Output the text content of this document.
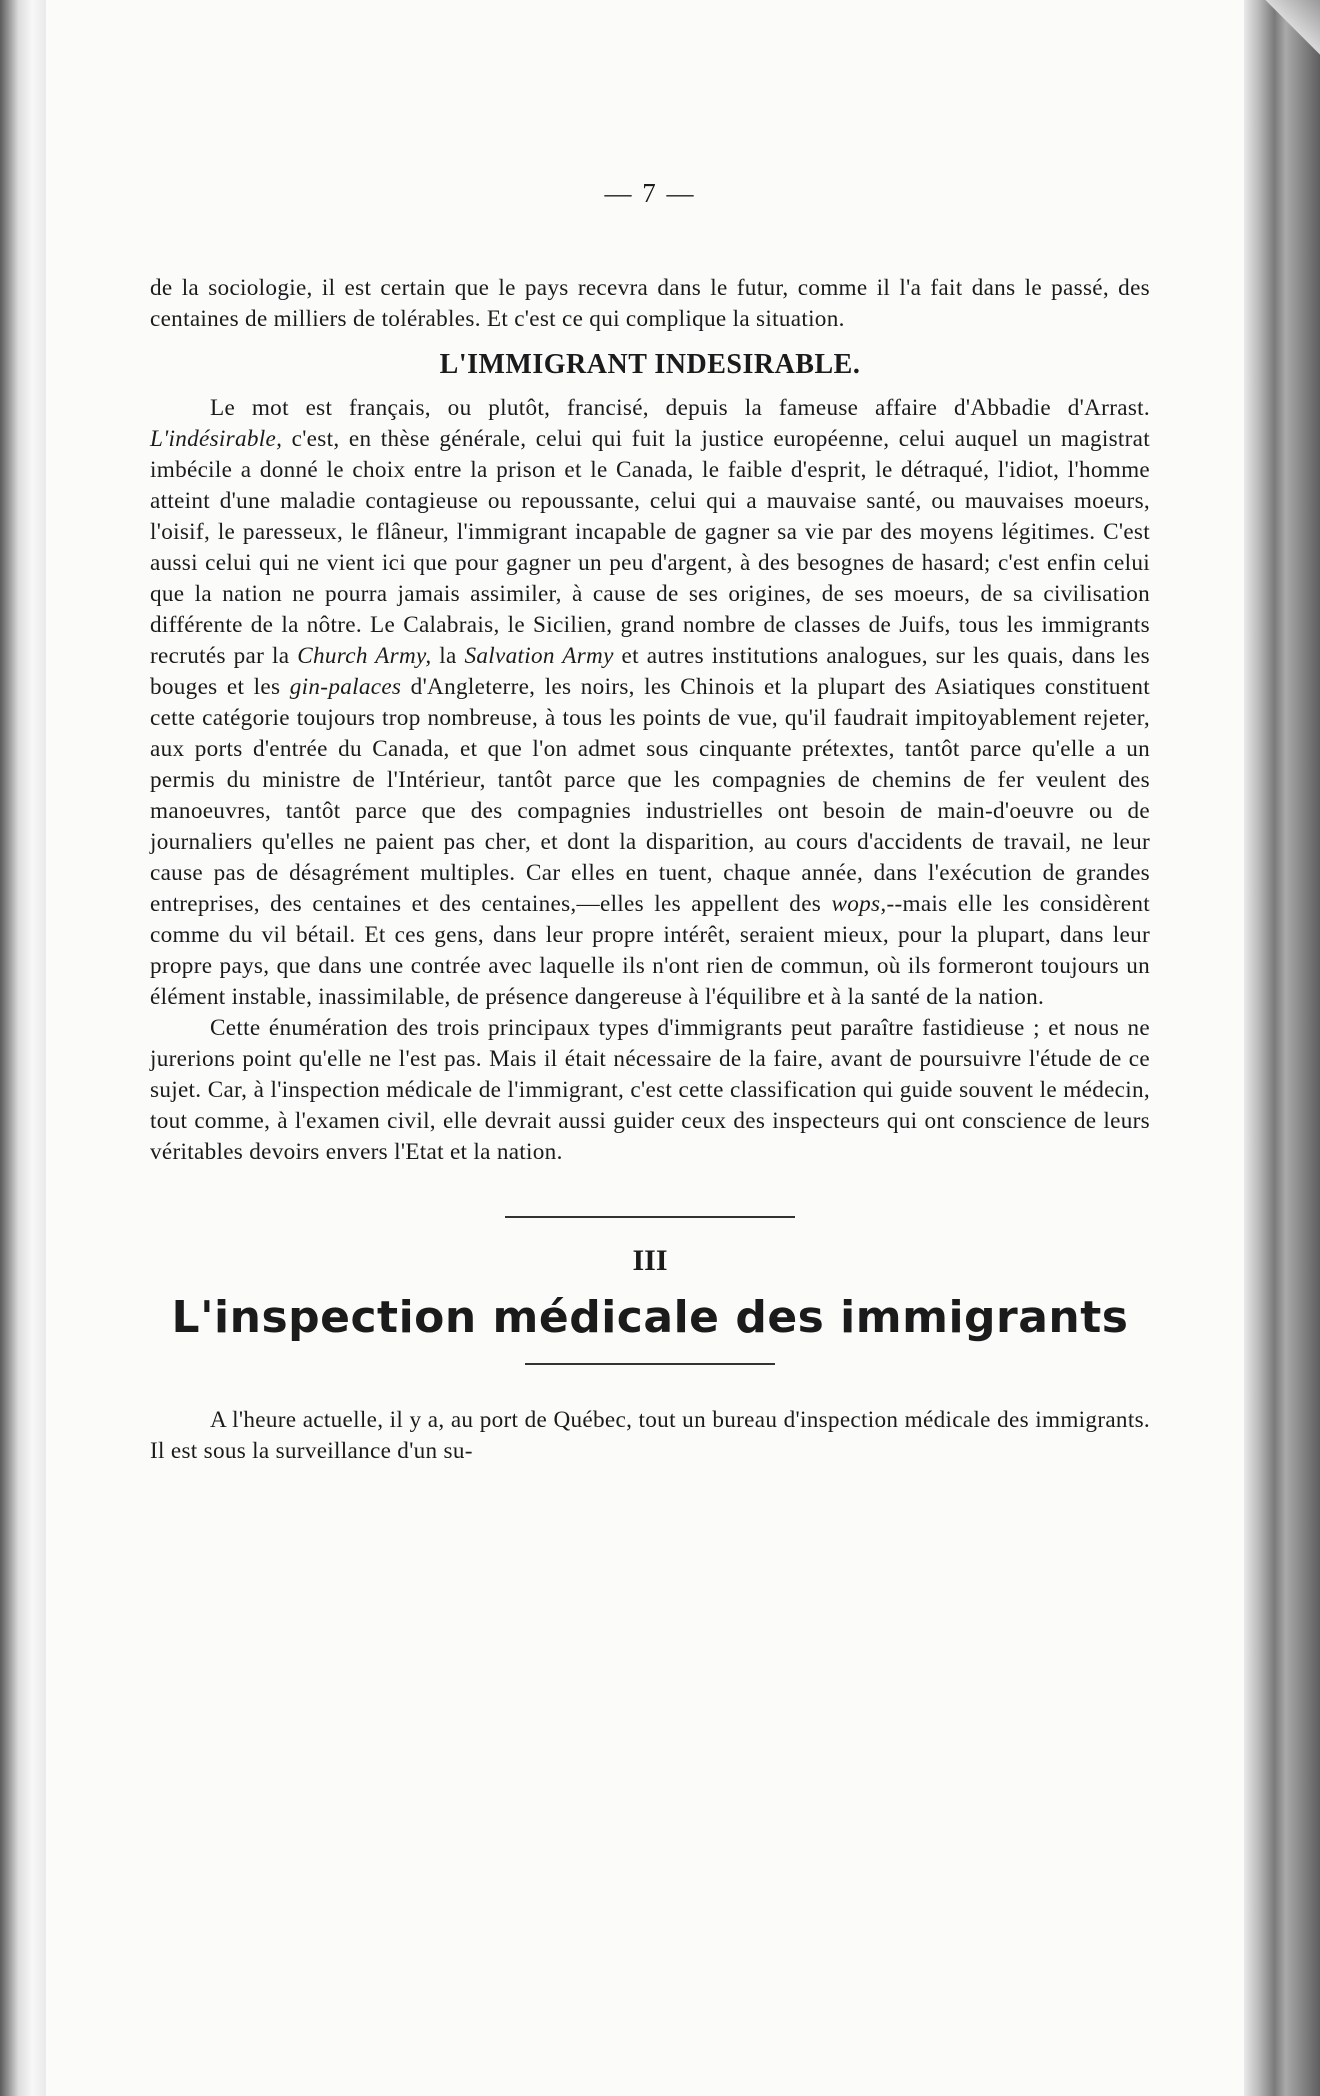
— 7 —

de la sociologie, il est certain que le pays recevra dans le futur, comme il l'a fait dans le passé, des centaines de milliers de tolérables. Et c'est ce qui complique la situation.

L'IMMIGRANT INDESIRABLE.

Le mot est français, ou plutôt, francisé, depuis la fameuse affaire d'Abbadie d'Arrast. L'indésirable, c'est, en thèse générale, celui qui fuit la justice européenne, celui auquel un magistrat imbécile a donné le choix entre la prison et le Canada, le faible d'esprit, le détraqué, l'idiot, l'homme atteint d'une maladie contagieuse ou repoussante, celui qui a mauvaise santé, ou mauvaises moeurs, l'oisif, le paresseux, le flâneur, l'immigrant incapable de gagner sa vie par des moyens légitimes. C'est aussi celui qui ne vient ici que pour gagner un peu d'argent, à des besognes de hasard; c'est enfin celui que la nation ne pourra jamais assimiler, à cause de ses origines, de ses moeurs, de sa civilisation différente de la nôtre. Le Calabrais, le Sicilien, grand nombre de classes de Juifs, tous les immigrants recrutés par la Church Army, la Salvation Army et autres institutions analogues, sur les quais, dans les bouges et les gin-palaces d'Angleterre, les noirs, les Chinois et la plupart des Asiatiques constituent cette catégorie toujours trop nombreuse, à tous les points de vue, qu'il faudrait impitoyablement rejeter, aux ports d'entrée du Canada, et que l'on admet sous cinquante prétextes, tantôt parce qu'elle a un permis du ministre de l'Intérieur, tantôt parce que les compagnies de chemins de fer veulent des manoeuvres, tantôt parce que des compagnies industrielles ont besoin de main-d'oeuvre ou de journaliers qu'elles ne paient pas cher, et dont la disparition, au cours d'accidents de travail, ne leur cause pas de désagrément multiples. Car elles en tuent, chaque année, dans l'exécution de grandes entreprises, des centaines et des centaines,—elles les appellent des wops,--mais elle les considèrent comme du vil bétail. Et ces gens, dans leur propre intérêt, seraient mieux, pour la plupart, dans leur propre pays, que dans une contrée avec laquelle ils n'ont rien de commun, où ils formeront toujours un élément instable, inassimilable, de présence dangereuse à l'équilibre et à la santé de la nation.

Cette énumération des trois principaux types d'immigrants peut paraître fastidieuse ; et nous ne jurerions point qu'elle ne l'est pas. Mais il était nécessaire de la faire, avant de poursuivre l'étude de ce sujet. Car, à l'inspection médicale de l'immigrant, c'est cette classification qui guide souvent le médecin, tout comme, à l'examen civil, elle devrait aussi guider ceux des inspecteurs qui ont conscience de leurs véritables devoirs envers l'Etat et la nation.

III
L'inspection médicale des immigrants

A l'heure actuelle, il y a, au port de Québec, tout un bureau d'inspection médicale des immigrants. Il est sous la surveillance d'un su-
